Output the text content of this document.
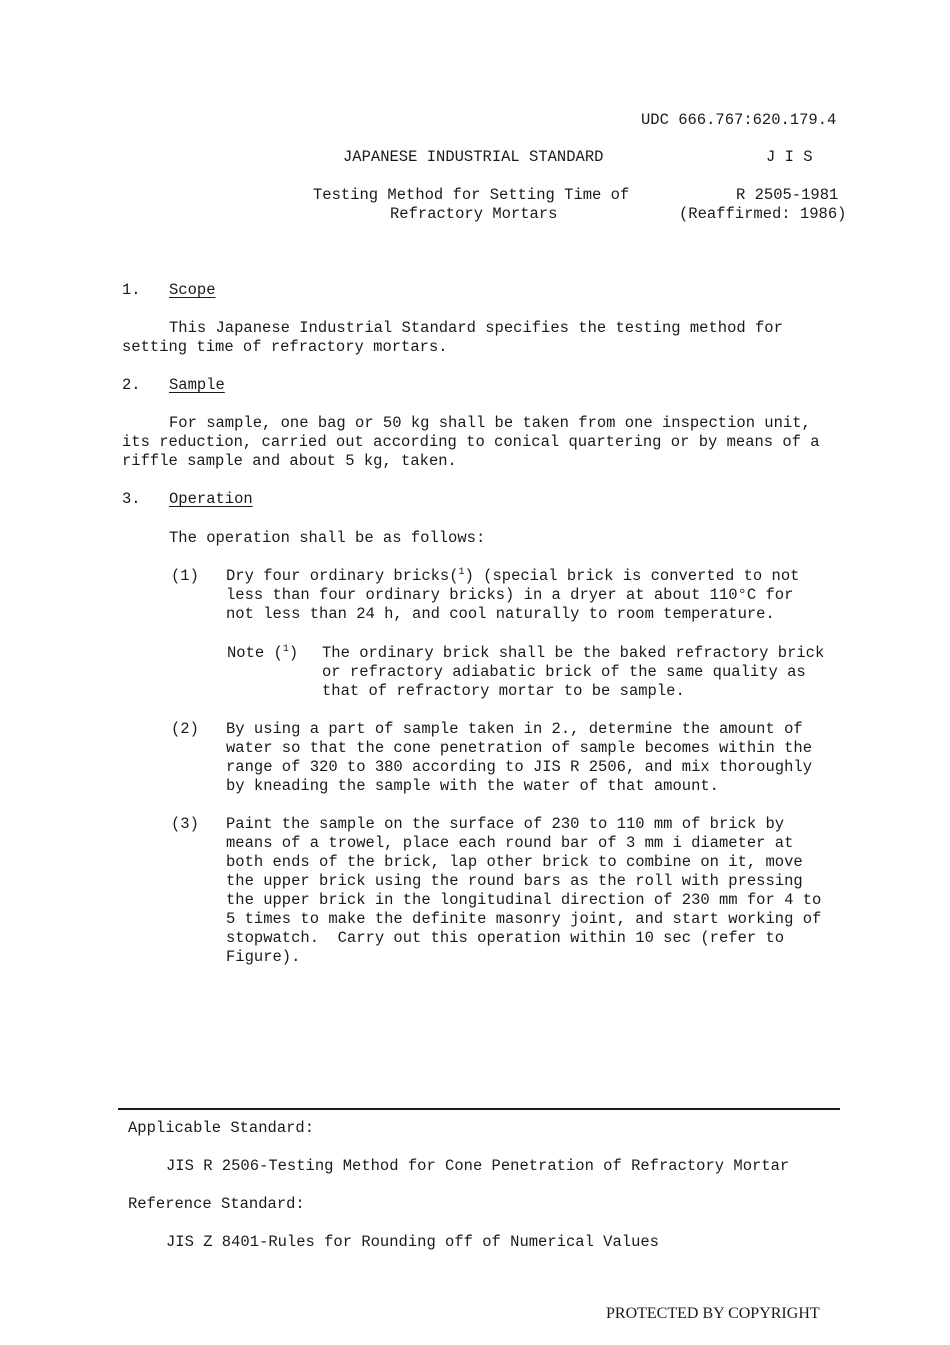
UDC 666.767:620.179.4
JAPANESE INDUSTRIAL STANDARD	J I S
Testing Method for Setting Time of
Refractory Mortars
R 2505-1981
(Reaffirmed: 1986)
1. Scope
This Japanese Industrial Standard specifies the testing method for
setting time of refractory mortars.
2. Sample
For sample, one bag or 50 kg shall be taken from one inspection unit,
its reduction, carried out according to conical quartering or by means of a
riffle sample and about 5 kg, taken.
3. Operation
The operation shall be as follows:
(1) Dry four ordinary bricks($^1$) (special brick is converted to not
less than four ordinary bricks) in a dryer at about 110°C for
not less than 24 h, and cool naturally to room temperature.
Note ($^1$) The ordinary brick shall be the baked refractory brick
or refractory adiabatic brick of the same quality as
that of refractory mortar to be sample.
(2) By using a part of sample taken in 2., determine the amount of
water so that the cone penetration of sample becomes within the
range of 320 to 380 according to JIS R 2506, and mix thoroughly
by kneading the sample with the water of that amount.
(3) Paint the sample on the surface of 230 to 110 mm of brick by
means of a trowel, place each round bar of 3 mm i diameter at
both ends of the brick, lap other brick to combine on it, move
the upper brick using the round bars as the roll with pressing
the upper brick in the longitudinal direction of 230 mm for 4 to
5 times to make the definite masonry joint, and start working of
stopwatch.  Carry out this operation within 10 sec (refer to
Figure).
Applicable Standard:
JIS R 2506-Testing Method for Cone Penetration of Refractory Mortar
Reference Standard:
JIS Z 8401-Rules for Rounding off of Numerical Values
PROTECTED BY COPYRIGHT
